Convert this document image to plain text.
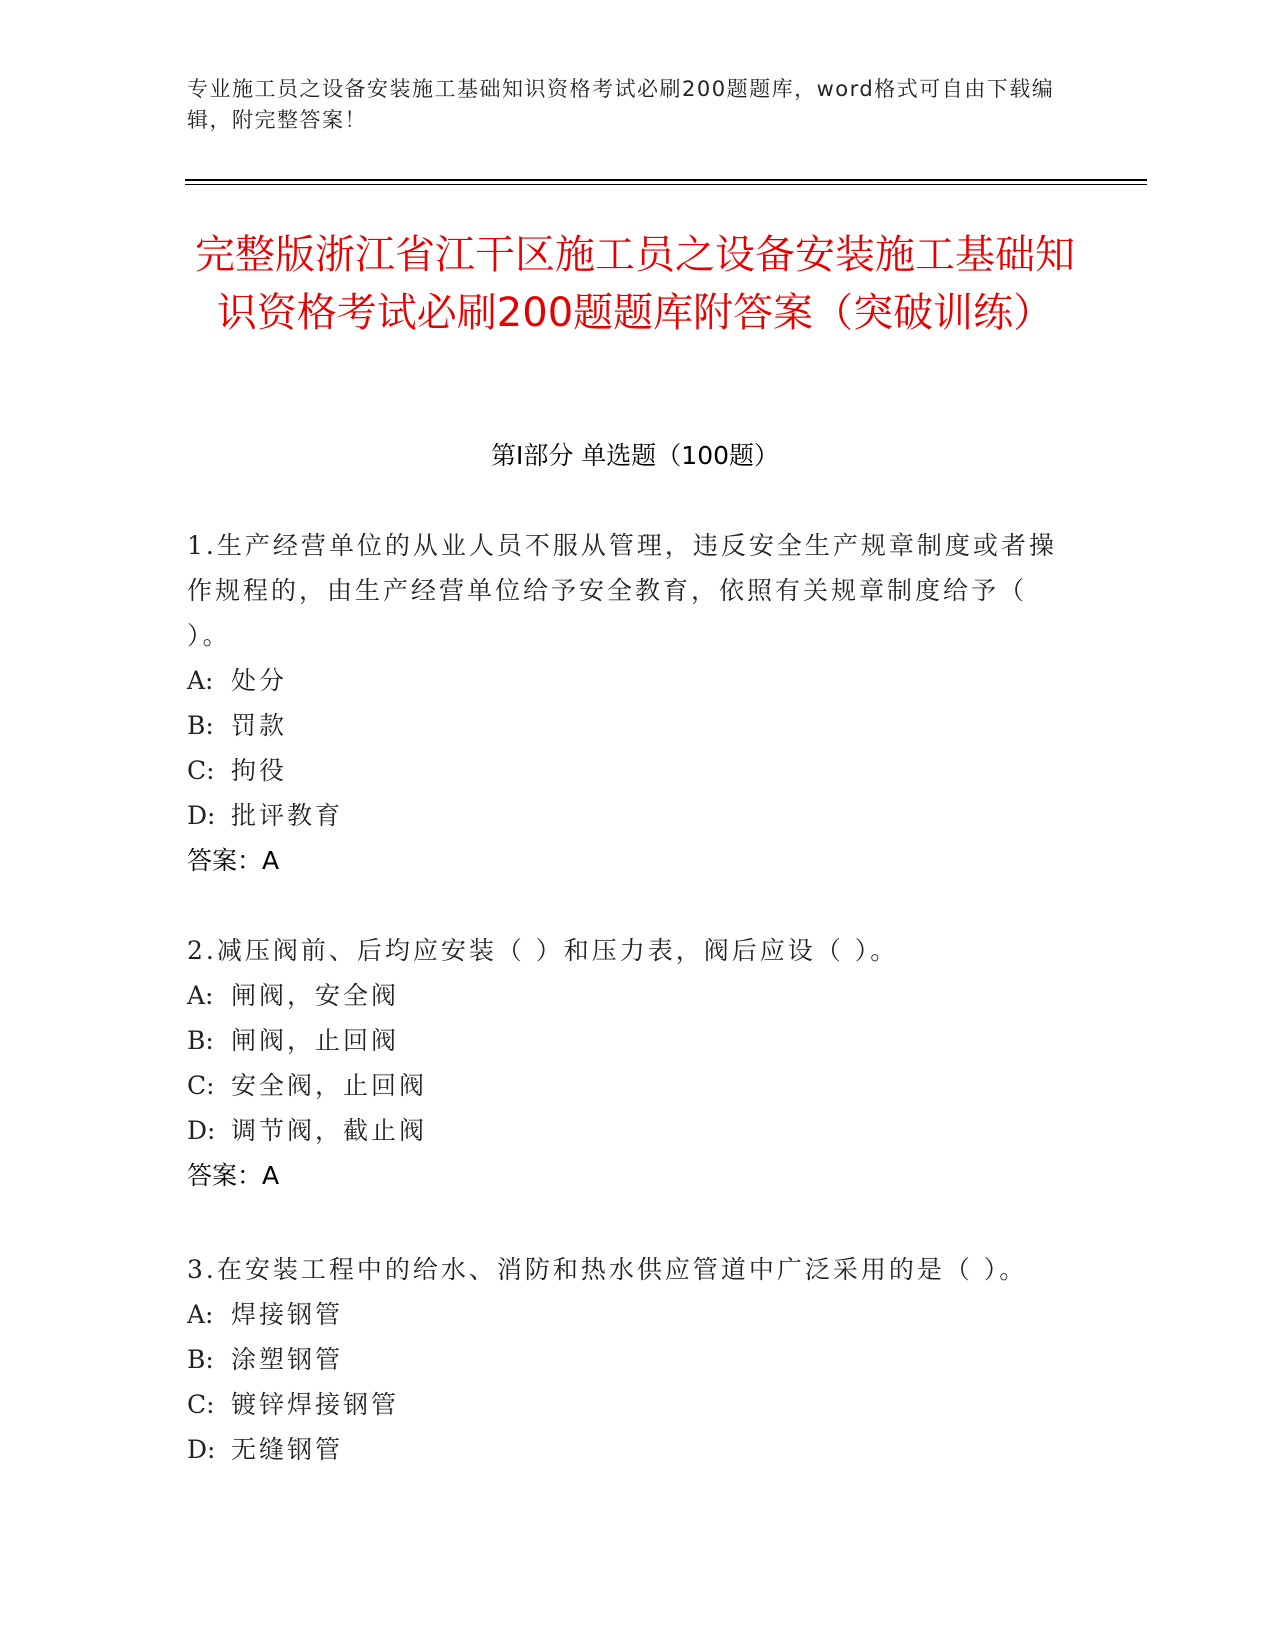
专业施工员之设备安装施工基础知识资格考试必刷200题题库，word格式可自由下载编辑，附完整答案！
完整版浙江省江干区施工员之设备安装施工基础知识资格考试必刷200题题库附答案（突破训练）
第I部分 单选题（100题）
1.生产经营单位的从业人员不服从管理，违反安全生产规章制度或者操作规程的，由生产经营单位给予安全教育，依照有关规章制度给予（ ）。
A: 处分
B: 罚款
C: 拘役
D: 批评教育
答案：A
2.减压阀前、后均应安装（ ）和压力表，阀后应设（ ）。
A: 闸阀，安全阀
B: 闸阀，止回阀
C: 安全阀，止回阀
D: 调节阀，截止阀
答案：A
3.在安装工程中的给水、消防和热水供应管道中广泛采用的是（ ）。
A: 焊接钢管
B: 涂塑钢管
C: 镀锌焊接钢管
D: 无缝钢管
